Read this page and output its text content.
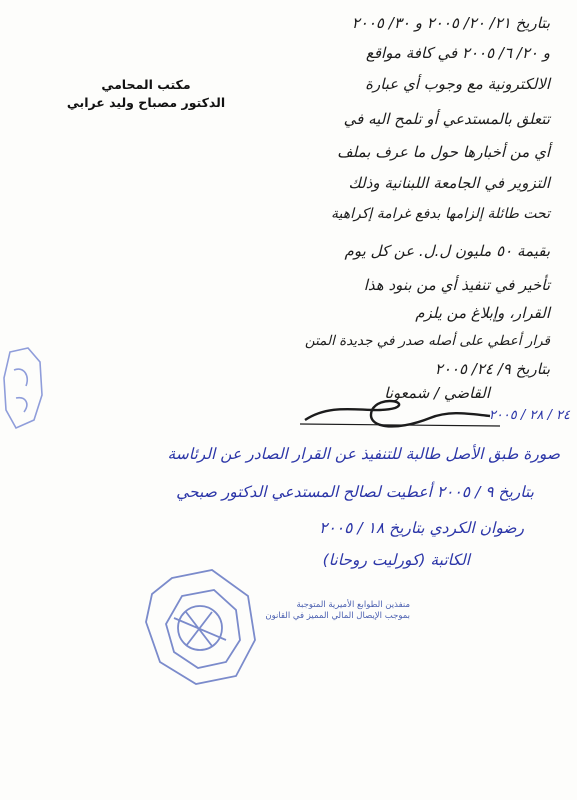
مكتب المحامي
الدكتور مصباح وليد عرابي
بتاريخ ٢١/ ٢٠/ ٢٠٠٥ و ٣٠/ ٢٠٠٥
و ٢٠/ ٦/ ٢٠٠٥ في كافة مواقع
الالكترونية مع وجوب أي عبارة
تتعلق بالمستدعي أو تلمح اليه في
أي من أخبارها حول ما عرف بملف
التزوير في الجامعة اللبنانية وذلك
تحت طائلة إلزامها بدفع غرامة إكراهية
بقيمة ٥٠ مليون ل.ل. عن كل يوم
تأخير في تنفيذ أي من بنود هذا
القرار، وإبلاغ من يلزم
قرار أعطي على أصله صدر في جديدة المتن
بتاريخ ٩/ ٢٤/ ٢٠٠٥
القاضي / شمعونا
٢٤ / ٢٨ / ٢٠٠٥
صورة طبق الأصل طالبة للتنفيذ عن القرار الصادر عن الرئاسة
بتاريخ ٩ / ٢٠٠٥ أعطيت لصالح المستدعي الدكتور صبحي
رضوان الكردي بتاريخ ١٨ / ٢٠٠٥
الكاتبة (كورليت روحانا)
منفذين الطوابع الأميرية المتوجبة
بموجب الإيصال المالي المميز في القانون
